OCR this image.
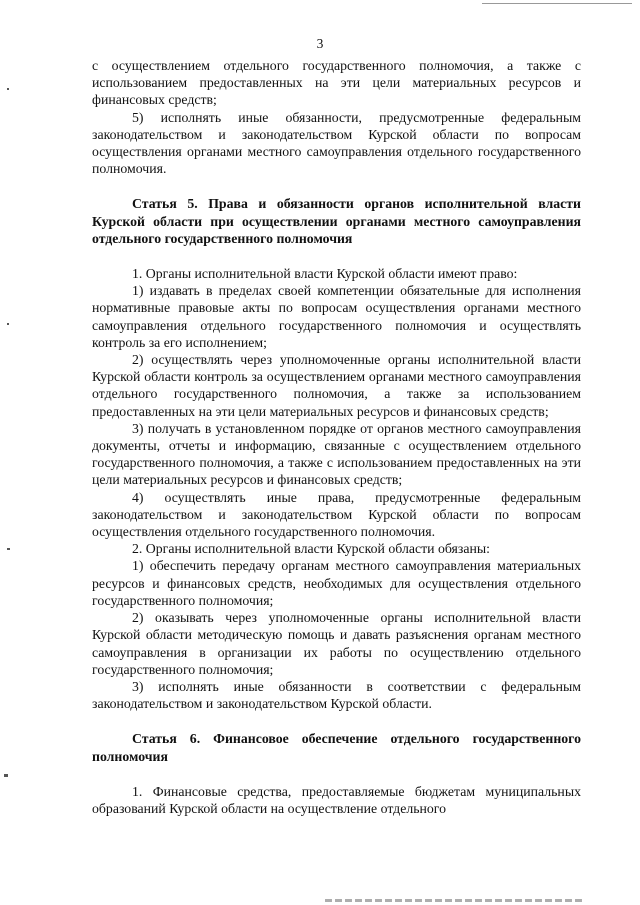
3

с осуществлением отдельного государственного полномочия, а также с использованием предоставленных на эти цели материальных ресурсов и финансовых средств;

5) исполнять иные обязанности, предусмотренные федеральным законодательством и законодательством Курской области по вопросам осуществления органами местного самоуправления отдельного государственного полномочия.

Статья 5. Права и обязанности органов исполнительной власти Курской области при осуществлении органами местного самоуправления отдельного государственного полномочия

1. Органы исполнительной власти Курской области имеют право:

1) издавать в пределах своей компетенции обязательные для исполнения нормативные правовые акты по вопросам осуществления органами местного самоуправления отдельного государственного полномочия и осуществлять контроль за его исполнением;

2) осуществлять через уполномоченные органы исполнительной власти Курской области контроль за осуществлением органами местного самоуправления отдельного государственного полномочия, а также за использованием предоставленных на эти цели материальных ресурсов и финансовых средств;

3) получать в установленном порядке от органов местного самоуправления документы, отчеты и информацию, связанные с осуществлением отдельного государственного полномочия, а также с использованием предоставленных на эти цели материальных ресурсов и финансовых средств;

4) осуществлять иные права, предусмотренные федеральным законодательством и законодательством Курской области по вопросам осуществления отдельного государственного полномочия.

2. Органы исполнительной власти Курской области обязаны:

1) обеспечить передачу органам местного самоуправления материальных ресурсов и финансовых средств, необходимых для осуществления отдельного государственного полномочия;

2) оказывать через уполномоченные органы исполнительной власти Курской области методическую помощь и давать разъяснения органам местного самоуправления в организации их работы по осуществлению отдельного государственного полномочия;

3) исполнять иные обязанности в соответствии с федеральным законодательством и законодательством Курской области.

Статья 6. Финансовое обеспечение отдельного государственного полномочия

1. Финансовые средства, предоставляемые бюджетам муниципальных образований Курской области на осуществление отдельного
